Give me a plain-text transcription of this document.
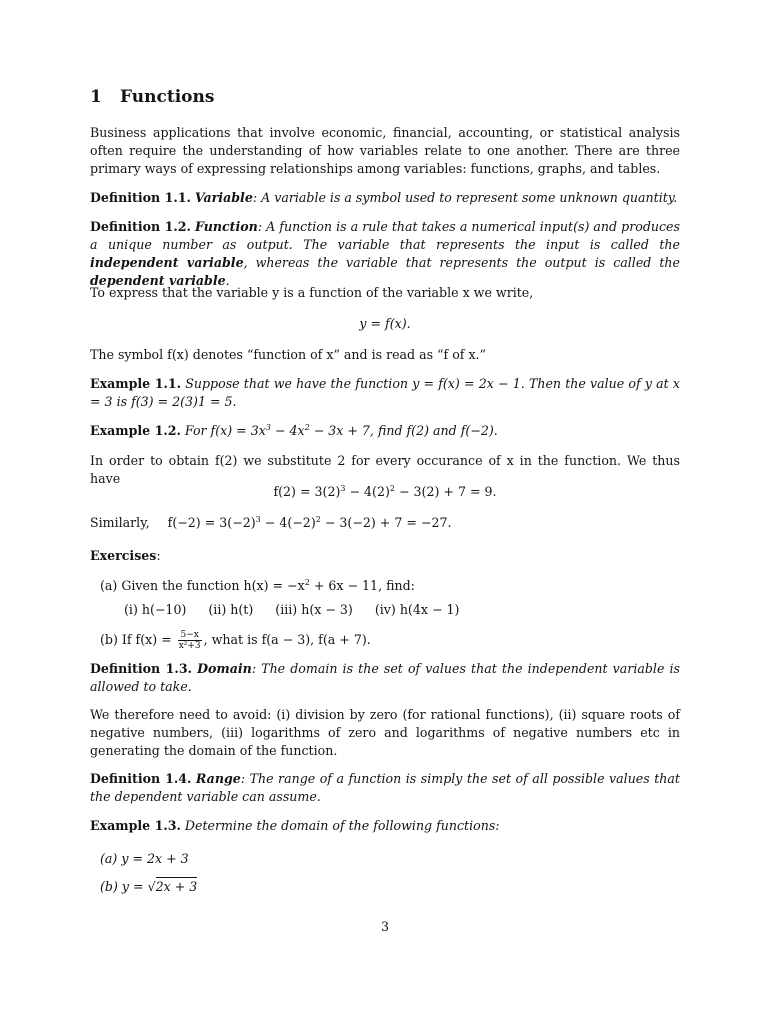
1 Functions

Business applications that involve economic, financial, accounting, or statistical analysis often require the understanding of how variables relate to one another. There are three primary ways of expressing relationships among variables: functions, graphs, and tables.

Definition 1.1. Variable: A variable is a symbol used to represent some unknown quantity.

Definition 1.2. Function: A function is a rule that takes a numerical input(s) and produces a unique number as output. The variable that represents the input is called the independent variable, whereas the variable that represents the output is called the dependent variable.

To express that the variable y is a function of the variable x we write,

y = f(x).

The symbol f(x) denotes “function of x” and is read as “f of x.”

Example 1.1. Suppose that we have the function y = f(x) = 2x − 1. Then the value of y at x = 3 is f(3) = 2(3)1 = 5.

Example 1.2. For $f(x) = 3x^3 - 4x^2 - 3x + 7$, find f(2) and f(−2).

In order to obtain f(2) we substitute 2 for every occurance of x in the function. We thus have

$f(2) = 3(2)^3 - 4(2)^2 - 3(2) + 7 = 9$.

Similarly, $f(-2) = 3(-2)^3 - 4(-2)^2 - 3(-2) + 7 = -27$.

Exercises:

(a) Given the function $h(x) = -x^2 + 6x - 11$, find:

(i) h(−10) (ii) h(t) (iii) h(x − 3) (iv) h(4x − 1)

(b) If $f(x) = \frac{5-x}{\text{x²+3}}$ , what is f(a − 3), f(a + 7).

Definition 1.3. Domain: The domain is the set of values that the independent variable is allowed to take.

We therefore need to avoid: (i) division by zero (for rational functions), (ii) square roots of negative numbers, (iii) logarithms of zero and logarithms of negative numbers etc in generating the domain of the function.

Definition 1.4. Range: The range of a function is simply the set of all possible values that the dependent variable can assume.

Example 1.3. Determine the domain of the following functions:

(a) y = 2x + 3

(b) y = √2x + 3

3
